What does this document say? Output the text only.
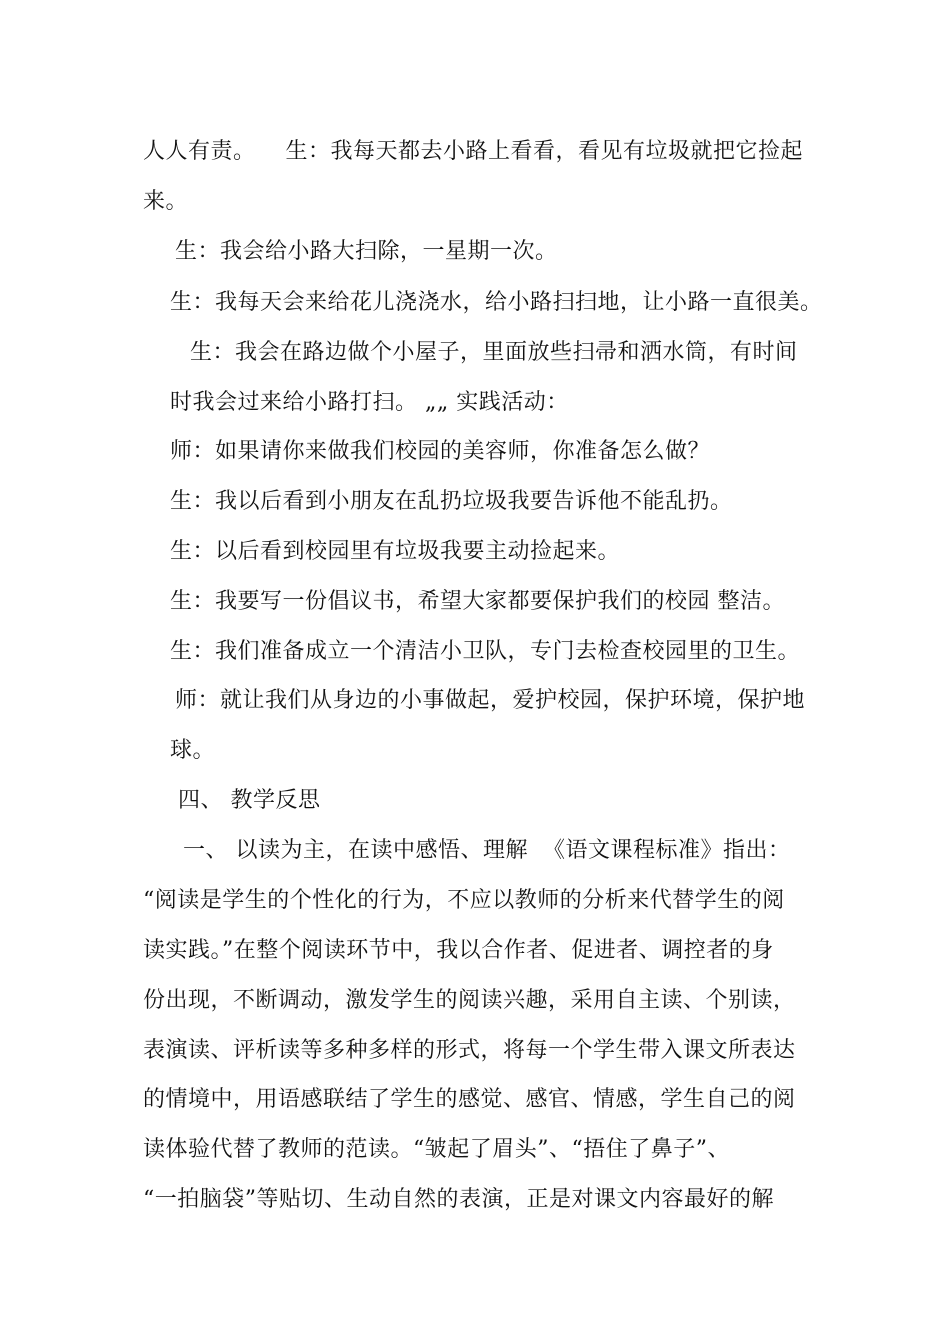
人人有责。    生：我每天都去小路上看看，看见有垃圾就把它捡起
来。
生：我会给小路大扫除，一星期一次。
生：我每天会来给花儿浇浇水，给小路扫扫地，让小路一直很美。
生：我会在路边做个小屋子，里面放些扫帚和洒水筒，有时间
时我会过来给小路打扫。 „„ 实践活动：
师：如果请你来做我们校园的美容师，你准备怎么做？
生：我以后看到小朋友在乱扔垃圾我要告诉他不能乱扔。
生：以后看到校园里有垃圾我要主动捡起来。
生：我要写一份倡议书，希望大家都要保护我们的校园 整洁。
生：我们准备成立一个清洁小卫队，专门去检查校园里的卫生。
师：就让我们从身边的小事做起，爱护校园，保护环境，保护地
球。
四、 教学反思
一、 以读为主，在读中感悟、理解  《语文课程标准》指出：
“阅读是学生的个性化的行为，不应以教师的分析来代替学生的阅
读实践。”在整个阅读环节中，我以合作者、促进者、调控者的身
份出现，不断调动，激发学生的阅读兴趣，采用自主读、个别读，
表演读、评析读等多种多样的形式，将每一个学生带入课文所表达
的情境中，用语感联结了学生的感觉、感官、情感，学生自己的阅
读体验代替了教师的范读。“皱起了眉头”、“捂住了鼻子”、
“一拍脑袋”等贴切、生动自然的表演，正是对课文内容最好的解
